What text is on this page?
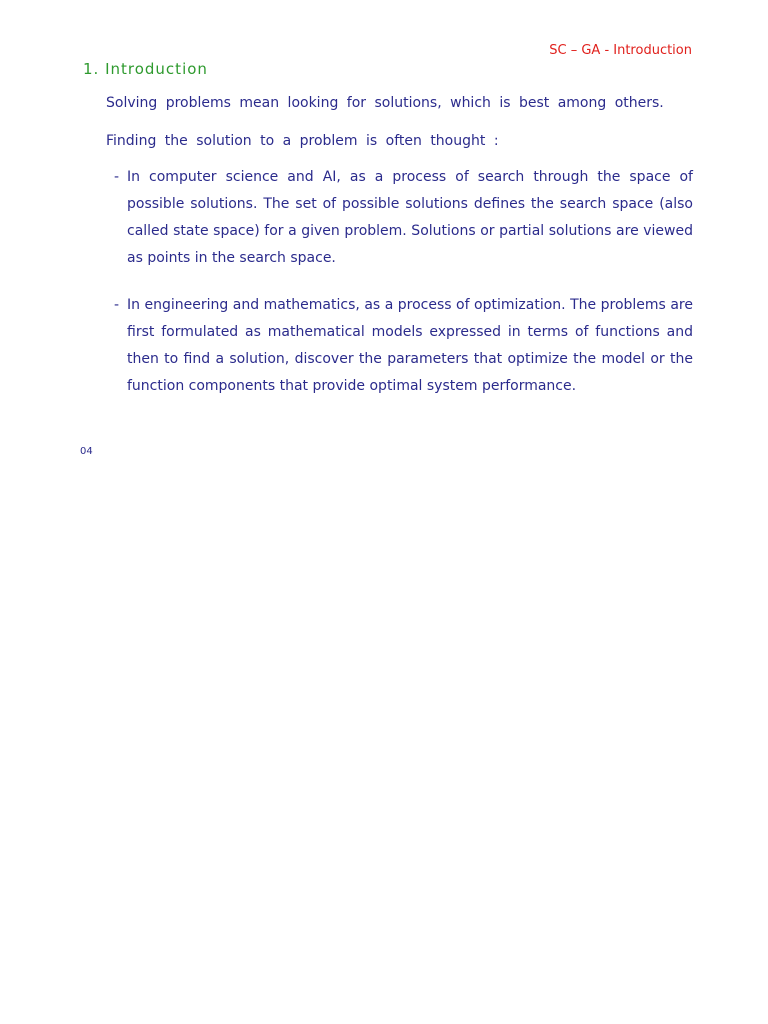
SC – GA - Introduction
1. Introduction
Solving problems mean looking for solutions, which is best among others.
Finding the solution to a problem is often thought :
- In computer science and AI, as a process of search through the space of possible solutions. The set of possible solutions defines the search space (also called state space) for a given problem. Solutions or partial solutions are viewed as points in the search space.
- In engineering and mathematics, as a process of optimization. The problems are first formulated as mathematical models expressed in terms of functions and then to find a solution, discover the parameters that optimize the model or the function components that provide optimal system performance.
04
